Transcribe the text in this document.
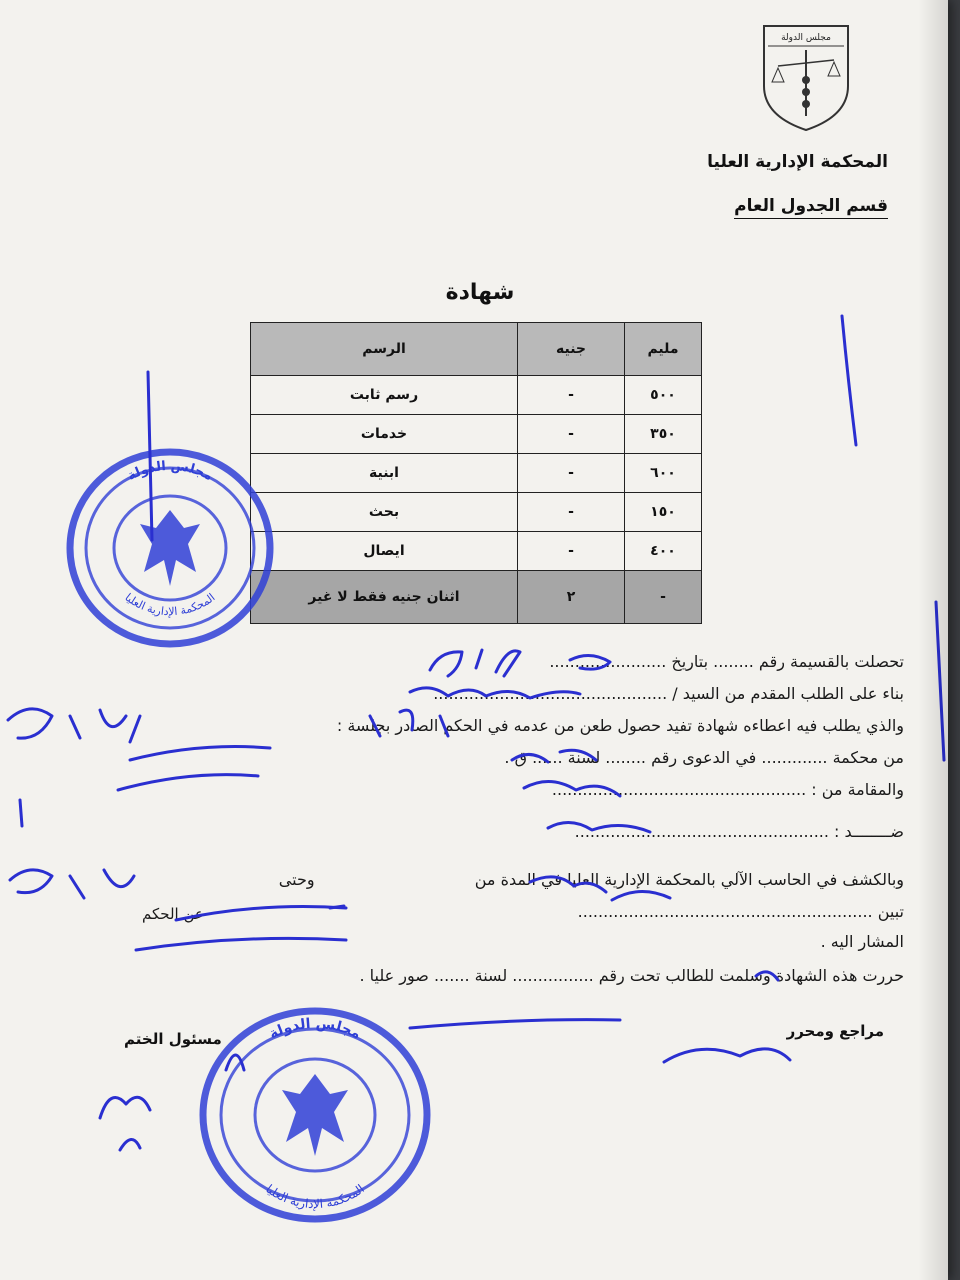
مجلس الدولة
المحكمة الإدارية العليا
قسم الجدول العام
شهادة
مليم	جنيه	الرسم
٥٠٠	-	رسم ثابت
٣٥٠	-	خدمات
٦٠٠	-	ابنية
١٥٠	-	بحث
٤٠٠	-	ايصال
-	٢	اثنان جنيه فقط لا غير
تحصلت بالقسيمة رقم ........ بتاريخ .......................
بناء على الطلب المقدم من السيد / ..............................................
والذي يطلب فيه اعطاءه شهادة تفيد حصول طعن من عدمه في الحكم الصادر بجلسة :
من محكمة ............. في الدعوى رقم ........ لسنة ...... ق .
والمقامة من : ..................................................
ضــــــــد : ..................................................
وبالكشف في الحاسب الآلي بالمحكمة الإدارية العليا في المدة من  وحتى
تبين ..........................................................
عن الحكم
المشار اليه .
حررت هذه الشهادة وسلمت للطالب تحت رقم ................ لسنة ....... صور عليا .
مراجع ومحرر
مسئول الختم
مجلس الدولة
المحكمة الإدارية العليا
مجلس الدولة
المحكمة الإدارية العليا
